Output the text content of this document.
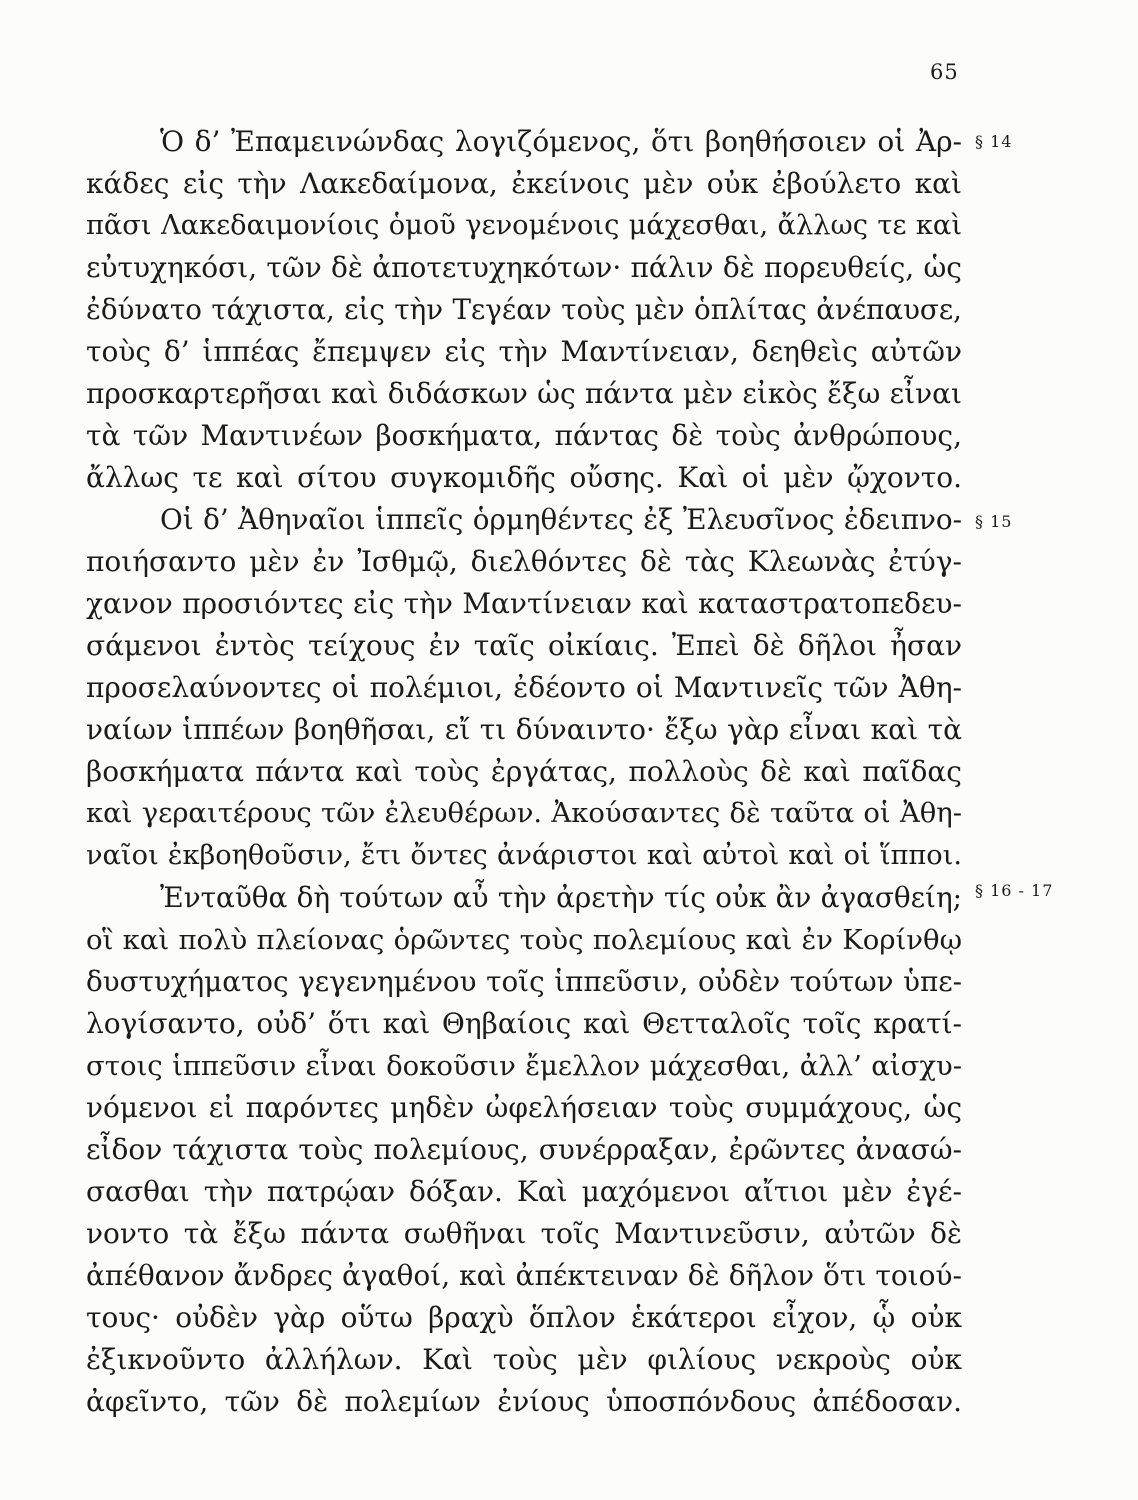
65
§ 14
§ 15
§ 16 - 17
Ὁ δ’ Ἐπαμεινώνδας λογιζόμενος, ὅτι βοηθήσοιεν οἱ Ἀρ-
κάδες εἰς τὴν Λακεδαίμονα, ἐκείνοις μὲν οὐκ ἐβούλετο καὶ
πᾶσι Λακεδαιμονίοις ὁμοῦ γενομένοις μάχεσθαι, ἄλλως τε καὶ
εὐτυχηκόσι, τῶν δὲ ἀποτετυχηκότων· πάλιν δὲ πορευθείς, ὡς
ἐδύνατο τάχιστα, εἰς τὴν Τεγέαν τοὺς μὲν ὁπλίτας ἀνέπαυσε,
τοὺς δ’ ἱππέας ἔπεμψεν εἰς τὴν Μαντίνειαν, δεηθεὶς αὐτῶν
προσκαρτερῆσαι καὶ διδάσκων ὡς πάντα μὲν εἰκὸς ἔξω εἶναι
τὰ τῶν Μαντινέων βοσκήματα, πάντας δὲ τοὺς ἀνθρώπους,
ἄλλως τε καὶ σίτου συγκομιδῆς οὔσης. Καὶ οἱ μὲν ᾤχοντο.
Οἱ δ’ Ἀθηναῖοι ἱππεῖς ὁρμηθέντες ἐξ Ἐλευσῖνος ἐδειπνο-
ποιήσαντο μὲν ἐν Ἰσθμῷ, διελθόντες δὲ τὰς Κλεωνὰς ἐτύγ-
χανον προσιόντες εἰς τὴν Μαντίνειαν καὶ καταστρατοπεδευ-
σάμενοι ἐντὸς τείχους ἐν ταῖς οἰκίαις. Ἐπεὶ δὲ δῆλοι ἦσαν
προσελαύνοντες οἱ πολέμιοι, ἐδέοντο οἱ Μαντινεῖς τῶν Ἀθη-
ναίων ἱππέων βοηθῆσαι, εἴ τι δύναιντο· ἔξω γὰρ εἶναι καὶ τὰ
βοσκήματα πάντα καὶ τοὺς ἐργάτας, πολλοὺς δὲ καὶ παῖδας
καὶ γεραιτέρους τῶν ἐλευθέρων. Ἀκούσαντες δὲ ταῦτα οἱ Ἀθη-
ναῖοι ἐκβοηθοῦσιν, ἔτι ὄντες ἀνάριστοι καὶ αὐτοὶ καὶ οἱ ἵπποι.
Ἐνταῦθα δὴ τούτων αὖ τὴν ἀρετὴν τίς οὐκ ἂν ἀγασθείη;
οἳ καὶ πολὺ πλείονας ὁρῶντες τοὺς πολεμίους καὶ ἐν Κορίνθῳ
δυστυχήματος γεγενημένου τοῖς ἱππεῦσιν, οὐδὲν τούτων ὑπε-
λογίσαντο, οὐδ’ ὅτι καὶ Θηβαίοις καὶ Θετταλοῖς τοῖς κρατί-
στοις ἱππεῦσιν εἶναι δοκοῦσιν ἔμελλον μάχεσθαι, ἀλλ’ αἰσχυ-
νόμενοι εἰ παρόντες μηδὲν ὠφελήσειαν τοὺς συμμάχους, ὡς
εἶδον τάχιστα τοὺς πολεμίους, συνέρραξαν, ἐρῶντες ἀνασώ-
σασθαι τὴν πατρῴαν δόξαν. Καὶ μαχόμενοι αἴτιοι μὲν ἐγέ-
νοντο τὰ ἔξω πάντα σωθῆναι τοῖς Μαντινεῦσιν, αὐτῶν δὲ
ἀπέθανον ἄνδρες ἀγαθοί, καὶ ἀπέκτειναν δὲ δῆλον ὅτι τοιού-
τους· οὐδὲν γὰρ οὕτω βραχὺ ὅπλον ἑκάτεροι εἶχον, ᾧ οὐκ
ἐξικνοῦντο ἀλλήλων. Καὶ τοὺς μὲν φιλίους νεκροὺς οὐκ
ἀφεῖντο, τῶν δὲ πολεμίων ἐνίους ὑποσπόνδους ἀπέδοσαν.
